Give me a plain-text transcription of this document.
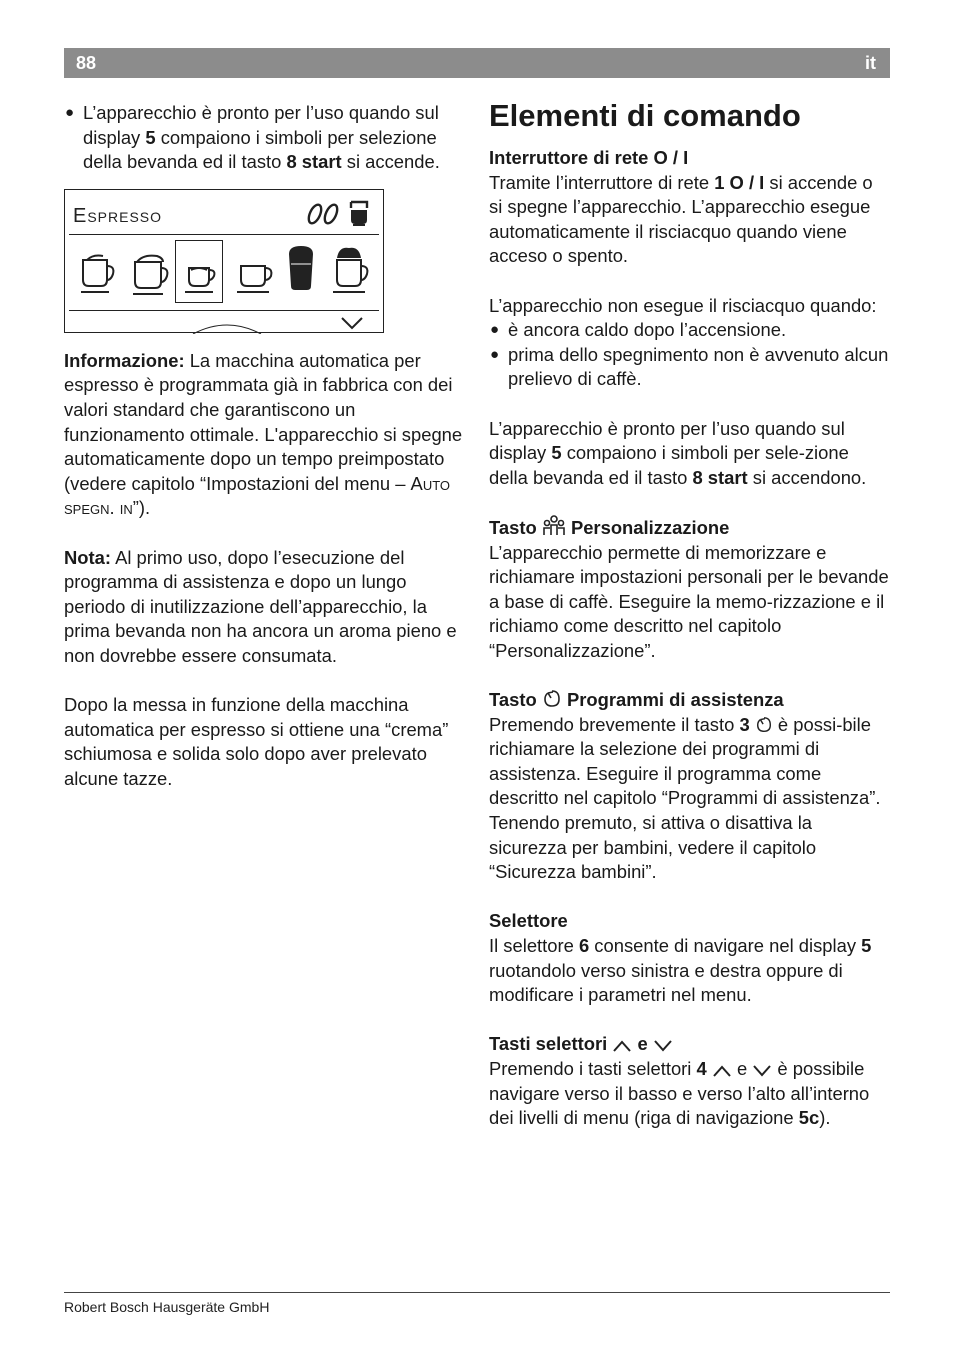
88	it

● L’apparecchio è pronto per l’uso quando sul display 5 compaiono i simboli per selezione della bevanda ed il tasto 8 start si accende.

Espresso

Informazione: La macchina automatica per espresso è programmata già in fabbrica con dei valori standard che garantiscono un funzionamento ottimale. L'apparecchio si spegne automaticamente dopo un tempo preimpostato (vedere capitolo “Impostazioni del menu – Auto spegn. in”).

Nota: Al primo uso, dopo l’esecuzione del programma di assistenza e dopo un lungo periodo di inutilizzazione dell’apparecchio, la prima bevanda non ha ancora un aroma pieno e non dovrebbe essere consumata.

Dopo la messa in funzione della macchina automatica per espresso si ottiene una “crema” schiumosa e solida solo dopo aver prelevato alcune tazze.

Elementi di comando

Interruttore di rete O / I

Tramite l’interruttore di rete 1 O / I si accende o si spegne l’apparecchio. L’apparecchio esegue automaticamente il risciacquo quando viene acceso o spento.

L’apparecchio non esegue il risciacquo quando:

● è ancora caldo dopo l’accensione.

● prima dello spegnimento non è avvenuto alcun prelievo di caffè.

L’apparecchio è pronto per l’uso quando sul display 5 compaiono i simboli per sele-zione della bevanda ed il tasto 8 start si accendono.

Tasto Personalizzazione

L’apparecchio permette di memorizzare e richiamare impostazioni personali per le bevande a base di caffè. Eseguire la memo-rizzazione e il richiamo come descritto nel capitolo “Personalizzazione”.

Tasto Programmi di assistenza

Premendo brevemente il tasto 3  è possi-bile richiamare la selezione dei programmi di assistenza. Eseguire il programma come descritto nel capitolo “Programmi di assistenza”.

Tenendo premuto, si attiva o disattiva la sicurezza per bambini, vedere il capitolo “Sicurezza bambini”.

Selettore

Il selettore 6 consente di navigare nel display 5 ruotandolo verso sinistra e destra oppure di modificare i parametri nel menu.

Tasti selettori e

Premendo i tasti selettori 4  e  è possibile navigare verso il basso e verso l’alto all’interno dei livelli di menu (riga di navigazione 5c).

Robert Bosch Hausgeräte GmbH
